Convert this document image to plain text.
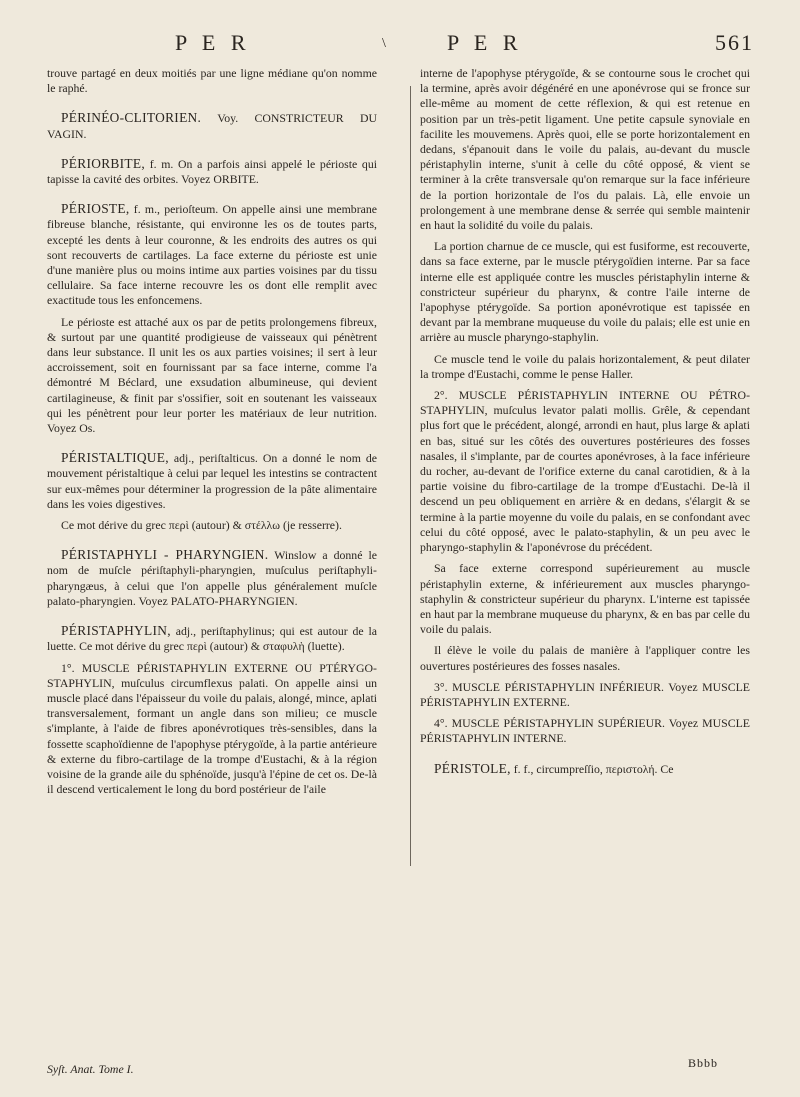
P E R	\	P E R	561

trouve partagé en deux moitiés par une ligne médiane qu'on nomme le raphé.

PÉRINÉO-CLITORIEN. Voy. CONSTRICTEUR DU VAGIN.

PÉRIORBITE, f. m. On a parfois ainsi appelé le périoste qui tapisse la cavité des orbites. Voyez ORBITE.

PÉRIOSTE, f. m., perioſteum. On appelle ainsi une membrane fibreuse blanche, résistante, qui environne les os de toutes parts, excepté les dents à leur couronne, & les endroits des autres os qui sont recouverts de cartilages. La face externe du périoste est unie d'une manière plus ou moins intime aux parties voisines par du tissu cellulaire. Sa face interne recouvre les os dont elle remplit avec exactitude tous les enfoncemens.

Le périoste est attaché aux os par de petits prolongemens fibreux, & surtout par une quantité prodigieuse de vaisseaux qui pénètrent dans leur substance. Il unit les os aux parties voisines; il sert à leur accroissement, soit en fournissant par sa face interne, comme l'a démontré M Béclard, une exsudation albumineuse, qui devient cartilagineuse, & finit par s'ossifier, soit en soutenant les vaisseaux qui les pénètrent pour leur porter les matériaux de leur nutrition. Voyez Os.

PÉRISTALTIQUE, adj., periſtalticus. On a donné le nom de mouvement péristaltique à celui par lequel les intestins se contractent sur eux-mêmes pour déterminer la progression de la pâte alimentaire dans les voies digestives.

Ce mot dérive du grec περὶ (autour) & στέλλω (je resserre).

PÉRISTAPHYLI - PHARYNGIEN. Winslow a donné le nom de muſcle périſtaphyli-pharyngien, muſculus periſtaphyli-pharyngæus, à celui que l'on appelle plus généralement muſcle palato-pharyngien. Voyez PALATO-PHARYNGIEN.

PÉRISTAPHYLIN, adj., periſtaphylinus; qui est autour de la luette. Ce mot dérive du grec περὶ (autour) & σταφυλὴ (luette).

1°. MUSCLE PÉRISTAPHYLIN EXTERNE OU PTÉRYGO-STAPHYLIN, muſculus circumflexus palati. On appelle ainsi un muscle placé dans l'épaisseur du voile du palais, alongé, mince, aplati transversalement, formant un angle dans son milieu; ce muscle s'implante, à l'aide de fibres aponévrotiques très-sensibles, dans la fossette scaphoïdienne de l'apophyse ptérygoïde, à la partie antérieure & externe du fibro-cartilage de la trompe d'Eustachi, & à la région voisine de la grande aile du sphénoïde, jusqu'à l'épine de cet os. De-là il descend verticalement le long du bord postérieur de l'aile

interne de l'apophyse ptérygoïde, & se contourne sous le crochet qui la termine, après avoir dégénéré en une aponévrose qui se fronce sur elle-même au moment de cette réflexion, & qui est retenue en position par un très-petit ligament. Une petite capsule synoviale en facilite les mouvemens. Après quoi, elle se porte horizontalement en dedans, s'épanouit dans le voile du palais, au-devant du muscle péristaphylin interne, s'unit à celle du côté opposé, & vient se terminer à la crête transversale qu'on remarque sur la face inférieure de la portion horizontale de l'os du palais. Là, elle envoie un prolongement à une membrane dense & serrée qui semble maintenir en haut la solidité du voile du palais.

La portion charnue de ce muscle, qui est fusiforme, est recouverte, dans sa face externe, par le muscle ptérygoïdien interne. Par sa face interne elle est appliquée contre les muscles péristaphylin interne & constricteur supérieur du pharynx, & contre l'aile interne de l'apophyse ptérygoïde. Sa portion aponévrotique est tapissée en devant par la membrane muqueuse du voile du palais; elle est unie en arrière au muscle pharyngo-staphylin.

Ce muscle tend le voile du palais horizontalement, & peut dilater la trompe d'Eustachi, comme le pense Haller.

2°. MUSCLE PÉRISTAPHYLIN INTERNE OU PÉTRO-STAPHYLIN, muſculus levator palati mollis. Grêle, & cependant plus fort que le précédent, alongé, arrondi en haut, plus large & aplati en bas, situé sur les côtés des ouvertures postérieures des fosses nasales, il s'implante, par de courtes aponévroses, à la face inférieure du rocher, au-devant de l'orifice externe du canal carotidien, & à la partie voisine du fibro-cartilage de la trompe d'Eustachi. De-là il descend un peu obliquement en arrière & en dedans, s'élargit & se termine à la partie moyenne du voile du palais, en se confondant avec celui du côté opposé, avec le palato-staphylin, & un peu avec le pharyngo-staphylin & l'aponévrose du précédent.

Sa face externe correspond supérieurement au muscle péristaphylin externe, & inférieurement aux muscles pharyngo-staphylin & constricteur supérieur du pharynx. L'interne est tapissée en haut par la membrane muqueuse du pharynx, & en bas par celle du voile du palais.

Il élève le voile du palais de manière à l'appliquer contre les ouvertures postérieures des fosses nasales.

3°. MUSCLE PÉRISTAPHYLIN INFÉRIEUR. Voyez MUSCLE PÉRISTAPHYLIN EXTERNE.

4°. MUSCLE PÉRISTAPHYLIN SUPÉRIEUR. Voyez MUSCLE PÉRISTAPHYLIN INTERNE.

PÉRISTOLE, f. f., circumpreſſio, περιστολή. Ce

Syſt. Anat. Tome I.	Bbbb
